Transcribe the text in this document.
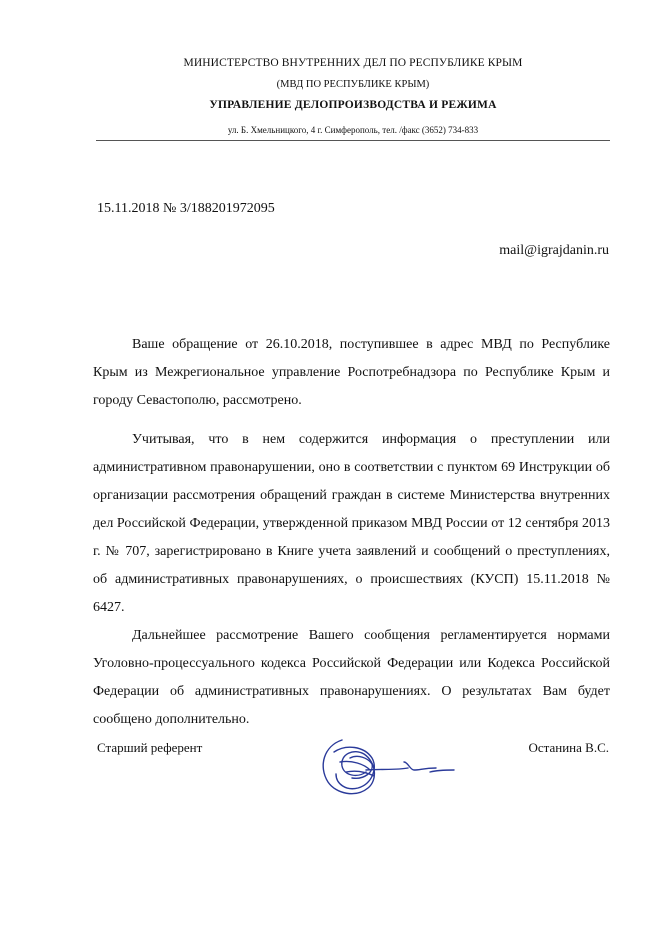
МИНИСТЕРСТВО ВНУТРЕННИХ ДЕЛ ПО РЕСПУБЛИКЕ КРЫМ
(МВД ПО РЕСПУБЛИКЕ КРЫМ)
УПРАВЛЕНИЕ ДЕЛОПРОИЗВОДСТВА И РЕЖИМА
ул. Б. Хмельницкого, 4 г. Симферополь, тел. /факс (3652) 734-833
15.11.2018 № 3/188201972095
mail@igrajdanin.ru

Ваше обращение от 26.10.2018, поступившее в адрес МВД по Республике Крым из Межрегиональное управление Роспотребнадзора по Республике Крым и городу Севастополю, рассмотрено.

Учитывая, что в нем содержится информация о преступлении или административном правонарушении, оно в соответствии с пунктом 69 Инструкции об организации рассмотрения обращений граждан в системе Министерства внутренних дел Российской Федерации, утвержденной приказом МВД России от 12 сентября 2013 г. № 707, зарегистрировано в Книге учета заявлений и сообщений о преступлениях, об административных правонарушениях, о происшествиях (КУСП) 15.11.2018 № 6427.

Дальнейшее рассмотрение Вашего сообщения регламентируется нормами Уголовно-процессуального кодекса Российской Федерации или Кодекса Российской Федерации об административных правонарушениях. О результатах Вам будет сообщено дополнительно.

Старший референт	Останина В.С.
